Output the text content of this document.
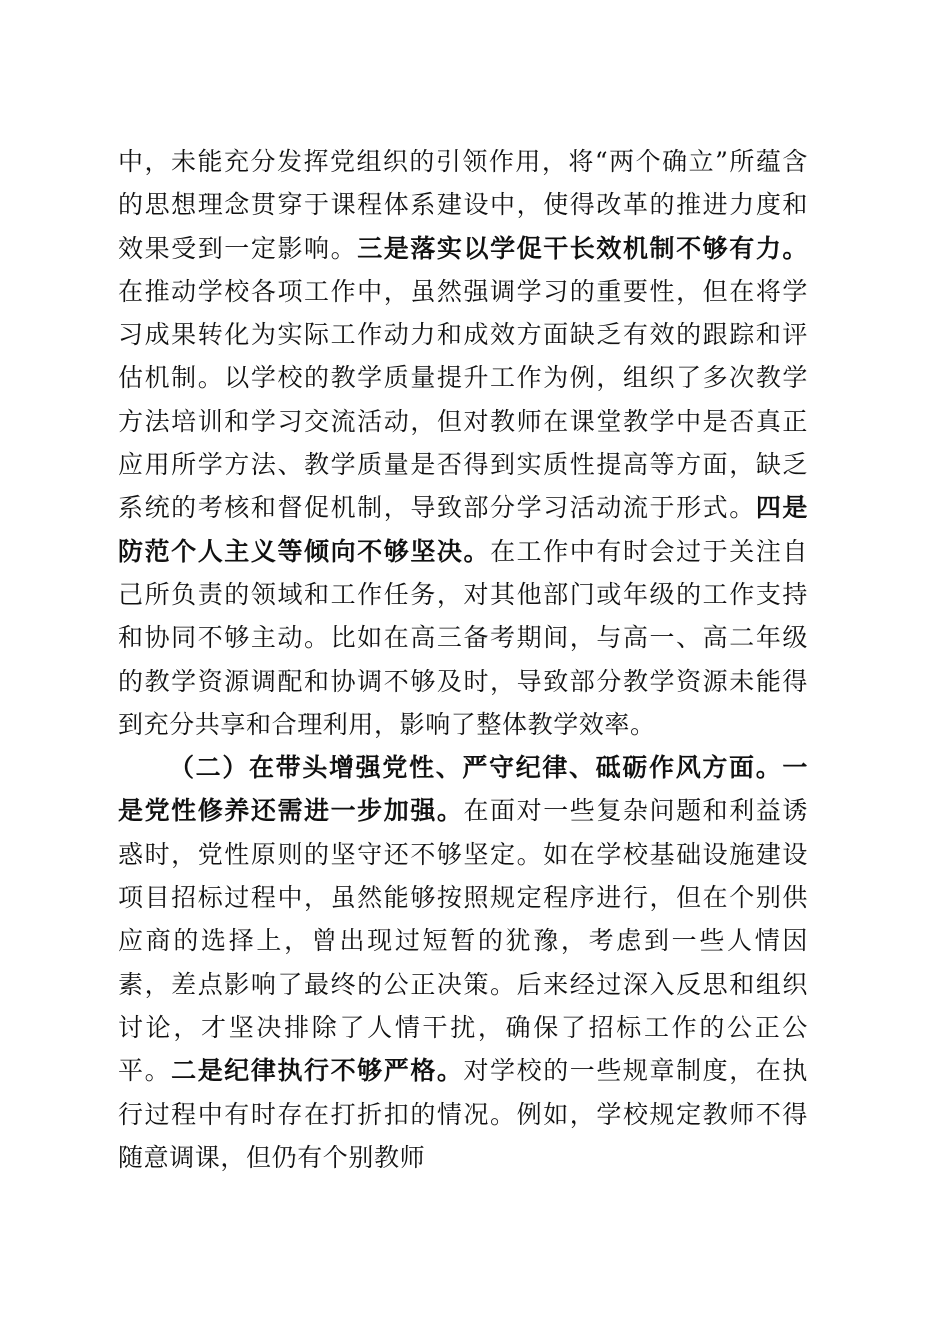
中，未能充分发挥党组织的引领作用，将“两个确立”所蕴含的思想理念贯穿于课程体系建设中，使得改革的推进力度和效果受到一定影响。三是落实以学促干长效机制不够有力。在推动学校各项工作中，虽然强调学习的重要性，但在将学习成果转化为实际工作动力和成效方面缺乏有效的跟踪和评估机制。以学校的教学质量提升工作为例，组织了多次教学方法培训和学习交流活动，但对教师在课堂教学中是否真正应用所学方法、教学质量是否得到实质性提高等方面，缺乏系统的考核和督促机制，导致部分学习活动流于形式。四是防范个人主义等倾向不够坚决。在工作中有时会过于关注自己所负责的领域和工作任务，对其他部门或年级的工作支持和协同不够主动。比如在高三备考期间，与高一、高二年级的教学资源调配和协调不够及时，导致部分教学资源未能得到充分共享和合理利用，影响了整体教学效率。

（二）在带头增强党性、严守纪律、砥砺作风方面。一是党性修养还需进一步加强。在面对一些复杂问题和利益诱惑时，党性原则的坚守还不够坚定。如在学校基础设施建设项目招标过程中，虽然能够按照规定程序进行，但在个别供应商的选择上，曾出现过短暂的犹豫，考虑到一些人情因素，差点影响了最终的公正决策。后来经过深入反思和组织讨论，才坚决排除了人情干扰，确保了招标工作的公正公平。二是纪律执行不够严格。对学校的一些规章制度，在执行过程中有时存在打折扣的情况。例如，学校规定教师不得随意调课，但仍有个别教师
